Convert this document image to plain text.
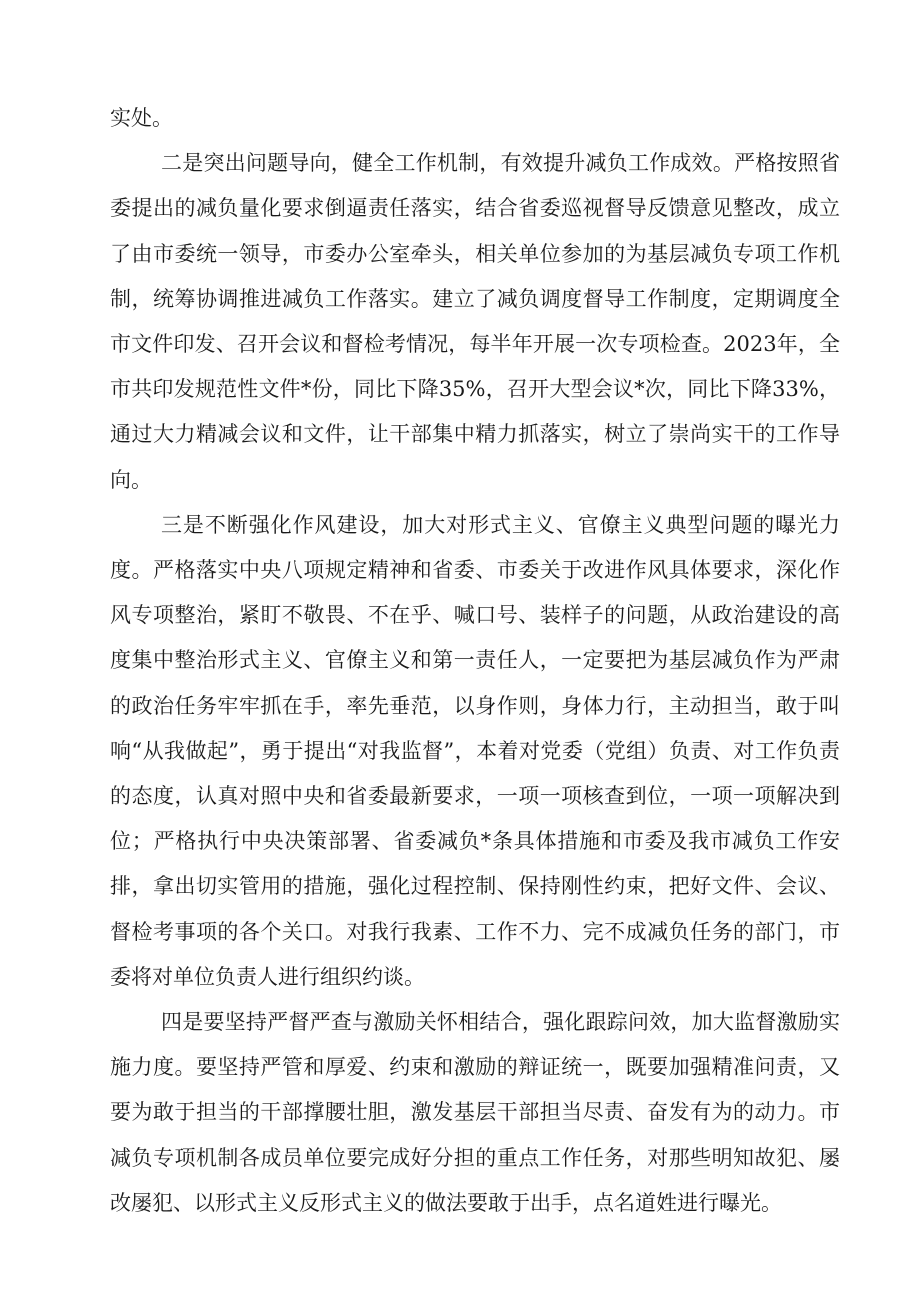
实处。

二是突出问题导向，健全工作机制，有效提升减负工作成效。严格按照省委提出的减负量化要求倒逼责任落实，结合省委巡视督导反馈意见整改，成立了由市委统一领导，市委办公室牵头，相关单位参加的为基层减负专项工作机制，统筹协调推进减负工作落实。建立了减负调度督导工作制度，定期调度全市文件印发、召开会议和督检考情况，每半年开展一次专项检查。2023年，全市共印发规范性文件*份，同比下降35%，召开大型会议*次，同比下降33%，通过大力精减会议和文件，让干部集中精力抓落实，树立了崇尚实干的工作导向。

三是不断强化作风建设，加大对形式主义、官僚主义典型问题的曝光力度。严格落实中央八项规定精神和省委、市委关于改进作风具体要求，深化作风专项整治，紧盯不敬畏、不在乎、喊口号、装样子的问题，从政治建设的高度集中整治形式主义、官僚主义和第一责任人，一定要把为基层减负作为严肃的政治任务牢牢抓在手，率先垂范，以身作则，身体力行，主动担当，敢于叫响“从我做起”，勇于提出“对我监督”，本着对党委（党组）负责、对工作负责的态度，认真对照中央和省委最新要求，一项一项核查到位，一项一项解决到位；严格执行中央决策部署、省委减负*条具体措施和市委及我市减负工作安排，拿出切实管用的措施，强化过程控制、保持刚性约束，把好文件、会议、督检考事项的各个关口。对我行我素、工作不力、完不成减负任务的部门，市委将对单位负责人进行组织约谈。

四是要坚持严督严查与激励关怀相结合，强化跟踪问效，加大监督激励实施力度。要坚持严管和厚爱、约束和激励的辩证统一，既要加强精准问责，又要为敢于担当的干部撑腰壮胆，激发基层干部担当尽责、奋发有为的动力。市减负专项机制各成员单位要完成好分担的重点工作任务，对那些明知故犯、屡改屡犯、以形式主义反形式主义的做法要敢于出手，点名道姓进行曝光。
